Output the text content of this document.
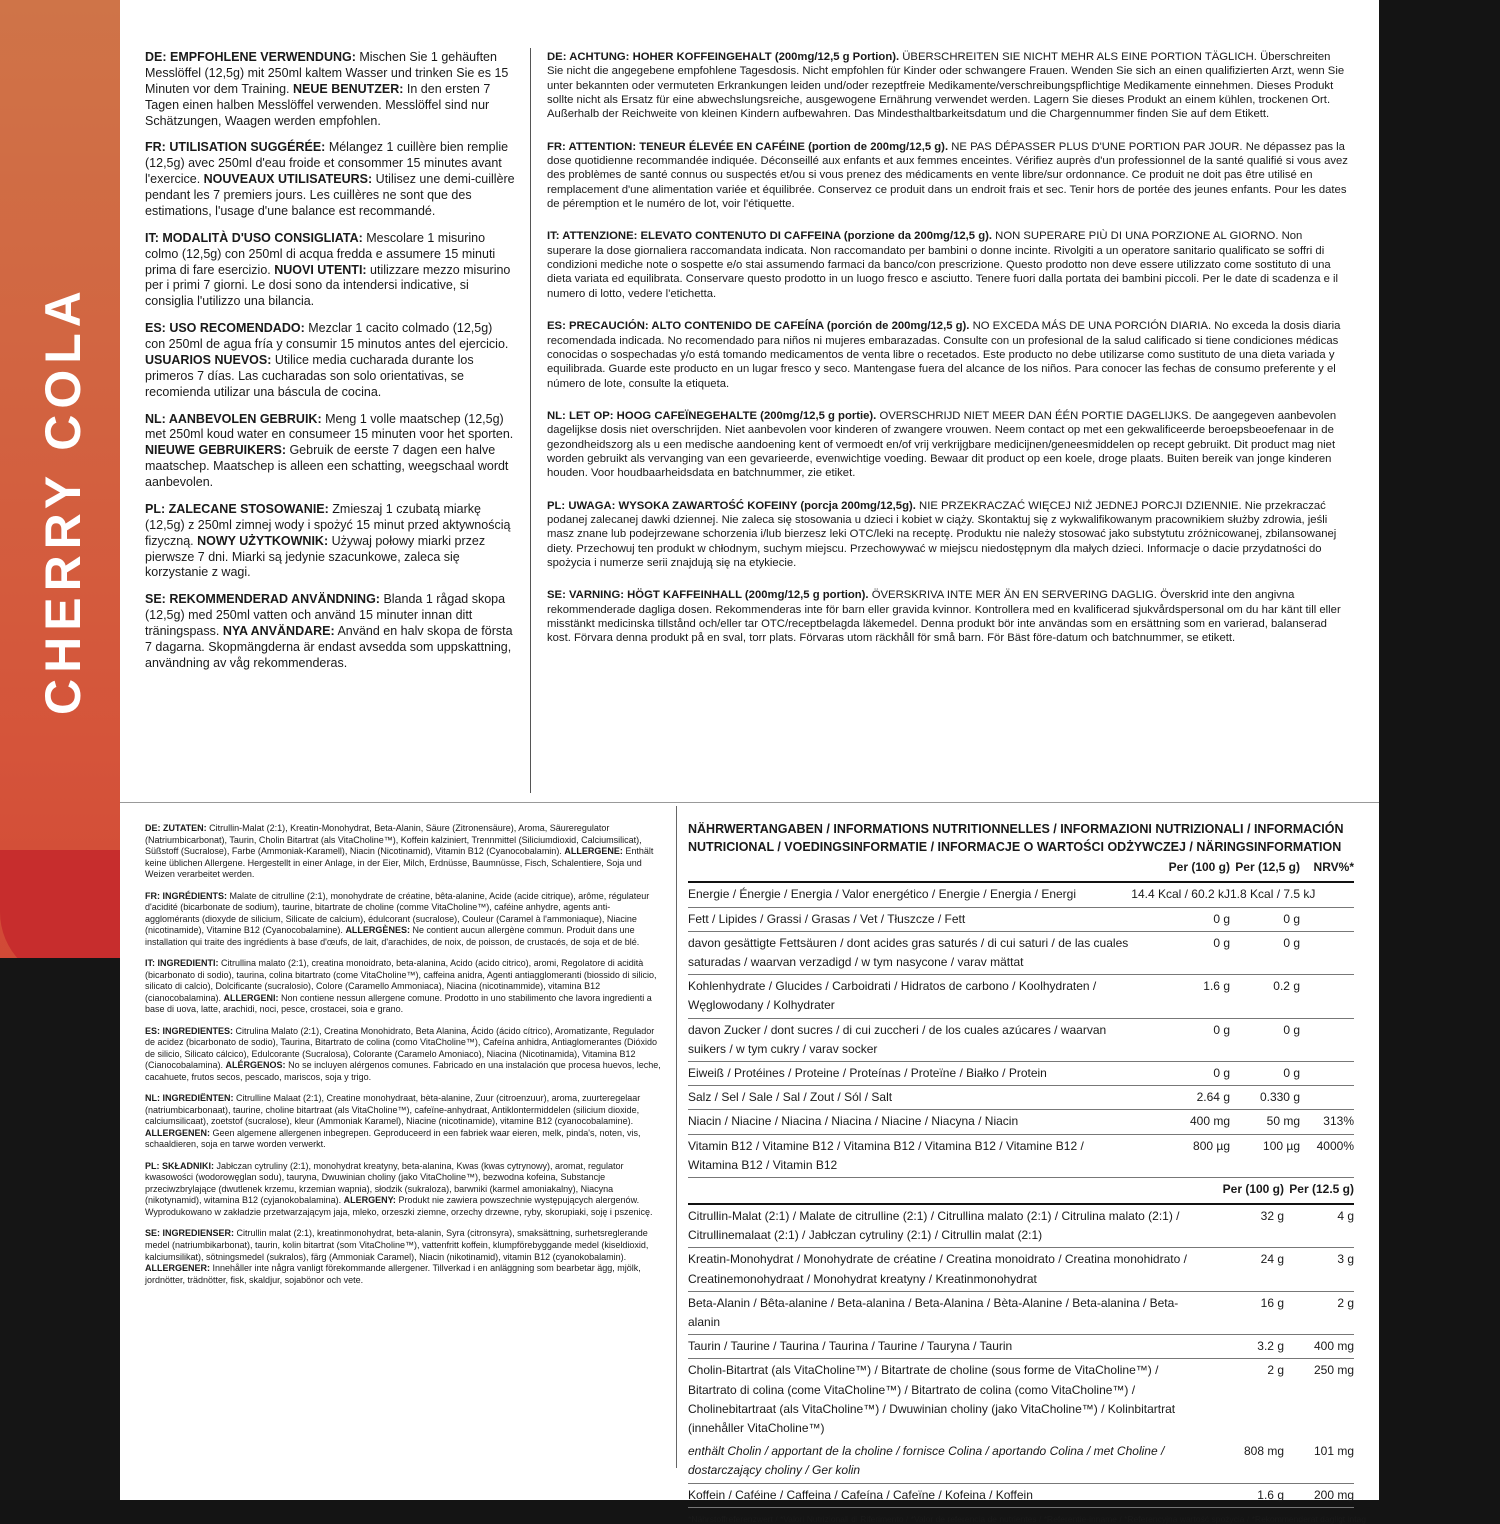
CHERRY COLA

DE: EMPFOHLENE VERWENDUNG: Mischen Sie 1 gehäuften Messlöffel (12,5g) mit 250ml kaltem Wasser und trinken Sie es 15 Minuten vor dem Training. NEUE BENUTZER: In den ersten 7 Tagen einen halben Messlöffel verwenden. Messlöffel sind nur Schätzungen, Waagen werden empfohlen.

FR: UTILISATION SUGGÉRÉE: Mélangez 1 cuillère bien remplie (12,5g) avec 250ml d'eau froide et consommer 15 minutes avant l'exercice. NOUVEAUX UTILISATEURS: Utilisez une demi-cuillère pendant les 7 premiers jours. Les cuillères ne sont que des estimations, l'usage d'une balance est recommandé.

IT: MODALITÀ D'USO CONSIGLIATA: Mescolare 1 misurino colmo (12,5g) con 250ml di acqua fredda e assumere 15 minuti prima di fare esercizio. NUOVI UTENTI: utilizzare mezzo misurino per i primi 7 giorni. Le dosi sono da intendersi indicative, si consiglia l'utilizzo una bilancia.

ES: USO RECOMENDADO: Mezclar 1 cacito colmado (12,5g) con 250ml de agua fría y consumir 15 minutos antes del ejercicio. USUARIOS NUEVOS: Utilice media cucharada durante los primeros 7 días. Las cucharadas son solo orientativas, se recomienda utilizar una báscula de cocina.

NL: AANBEVOLEN GEBRUIK: Meng 1 volle maatschep (12,5g) met 250ml koud water en consumeer 15 minuten voor het sporten. NIEUWE GEBRUIKERS: Gebruik de eerste 7 dagen een halve maatschep. Maatschep is alleen een schatting, weegschaal wordt aanbevolen.

PL: ZALECANE STOSOWANIE: Zmieszaj 1 czubatą miarkę (12,5g) z 250ml zimnej wody i spożyć 15 minut przed aktywnością fizyczną. NOWY UŻYTKOWNIK: Używaj połowy miarki przez pierwsze 7 dni. Miarki są jedynie szacunkowe, zaleca się korzystanie z wagi.

SE: REKOMMENDERAD ANVÄNDNING: Blanda 1 rågad skopa (12,5g) med 250ml vatten och använd 15 minuter innan ditt träningspass. NYA ANVÄNDARE: Använd en halv skopa de första 7 dagarna. Skopmängderna är endast avsedda som uppskattning, användning av våg rekommenderas.

DE: ACHTUNG: HOHER KOFFEINGEHALT (200mg/12,5 g Portion). ÜBERSCHREITEN SIE NICHT MEHR ALS EINE PORTION TÄGLICH. Überschreiten Sie nicht die angegebene empfohlene Tagesdosis. Nicht empfohlen für Kinder oder schwangere Frauen. Wenden Sie sich an einen qualifizierten Arzt, wenn Sie unter bekannten oder vermuteten Erkrankungen leiden und/oder rezeptfreie Medikamente/verschreibungspflichtige Medikamente einnehmen. Dieses Produkt sollte nicht als Ersatz für eine abwechslungsreiche, ausgewogene Ernährung verwendet werden. Lagern Sie dieses Produkt an einem kühlen, trockenen Ort. Außerhalb der Reichweite von kleinen Kindern aufbewahren. Das Mindesthaltbarkeitsdatum und die Chargennummer finden Sie auf dem Etikett.

FR: ATTENTION: TENEUR ÉLEVÉE EN CAFÉINE (portion de 200mg/12,5 g). NE PAS DÉPASSER PLUS D'UNE PORTION PAR JOUR. Ne dépassez pas la dose quotidienne recommandée indiquée. Déconseillé aux enfants et aux femmes enceintes. Vérifiez auprès d'un professionnel de la santé qualifié si vous avez des problèmes de santé connus ou suspectés et/ou si vous prenez des médicaments en vente libre/sur ordonnance. Ce produit ne doit pas être utilisé en remplacement d'une alimentation variée et équilibrée. Conservez ce produit dans un endroit frais et sec. Tenir hors de portée des jeunes enfants. Pour les dates de péremption et le numéro de lot, voir l'étiquette.

IT: ATTENZIONE: ELEVATO CONTENUTO DI CAFFEINA (porzione da 200mg/12,5 g). NON SUPERARE PIÙ DI UNA PORZIONE AL GIORNO. Non superare la dose giornaliera raccomandata indicata. Non raccomandato per bambini o donne incinte. Rivolgiti a un operatore sanitario qualificato se soffri di condizioni mediche note o sospette e/o stai assumendo farmaci da banco/con prescrizione. Questo prodotto non deve essere utilizzato come sostituto di una dieta variata ed equilibrata. Conservare questo prodotto in un luogo fresco e asciutto. Tenere fuori dalla portata dei bambini piccoli. Per le date di scadenza e il numero di lotto, vedere l'etichetta.

ES: PRECAUCIÓN: ALTO CONTENIDO DE CAFEÍNA (porción de 200mg/12,5 g). NO EXCEDA MÁS DE UNA PORCIÓN DIARIA. No exceda la dosis diaria recomendada indicada. No recomendado para niños ni mujeres embarazadas. Consulte con un profesional de la salud calificado si tiene condiciones médicas conocidas o sospechadas y/o está tomando medicamentos de venta libre o recetados. Este producto no debe utilizarse como sustituto de una dieta variada y equilibrada. Guarde este producto en un lugar fresco y seco. Mantengase fuera del alcance de los niños. Para conocer las fechas de consumo preferente y el número de lote, consulte la etiqueta.

NL: LET OP: HOOG CAFEÏNEGEHALTE (200mg/12,5 g portie). OVERSCHRIJD NIET MEER DAN ÉÉN PORTIE DAGELIJKS. De aangegeven aanbevolen dagelijkse dosis niet overschrijden. Niet aanbevolen voor kinderen of zwangere vrouwen. Neem contact op met een gekwalificeerde beroepsbeoefenaar in de gezondheidszorg als u een medische aandoening kent of vermoedt en/of vrij verkrijgbare medicijnen/geneesmiddelen op recept gebruikt. Dit product mag niet worden gebruikt als vervanging van een gevarieerde, evenwichtige voeding. Bewaar dit product op een koele, droge plaats. Buiten bereik van jonge kinderen houden. Voor houdbaarheidsdata en batchnummer, zie etiket.

PL: UWAGA: WYSOKA ZAWARTOŚĆ KOFEINY (porcja 200mg/12,5g). NIE PRZEKRACZAĆ WIĘCEJ NIŻ JEDNEJ PORCJI DZIENNIE. Nie przekraczać podanej zalecanej dawki dziennej. Nie zaleca się stosowania u dzieci i kobiet w ciąży. Skontaktuj się z wykwalifikowanym pracownikiem służby zdrowia, jeśli masz znane lub podejrzewane schorzenia i/lub bierzesz leki OTC/leki na receptę. Produktu nie należy stosować jako substytutu zróżnicowanej, zbilansowanej diety. Przechowuj ten produkt w chłodnym, suchym miejscu. Przechowywać w miejscu niedostępnym dla małych dzieci. Informacje o dacie przydatności do spożycia i numerze serii znajdują się na etykiecie.

SE: VARNING: HÖGT KAFFEINHALL (200mg/12,5 g portion). ÖVERSKRIVA INTE MER ÄN EN SERVERING DAGLIG. Överskrid inte den angivna rekommenderade dagliga dosen. Rekommenderas inte för barn eller gravida kvinnor. Kontrollera med en kvalificerad sjukvårdspersonal om du har känt till eller misstänkt medicinska tillstånd och/eller tar OTC/receptbelagda läkemedel. Denna produkt bör inte användas som en ersättning som en varierad, balanserad kost. Förvara denna produkt på en sval, torr plats. Förvaras utom räckhåll för små barn. För Bäst före-datum och batchnummer, se etikett.

DE: ZUTATEN: Citrullin-Malat (2:1), Kreatin-Monohydrat, Beta-Alanin, Säure (Zitronensäure), Aroma, Säureregulator (Natriumbicarbonat), Taurin, Cholin Bitartrat (als VitaCholine™), Koffein kalziniert, Trennmittel (Siliciumdioxid, Calciumsilicat), Süßstoff (Sucralose), Farbe (Ammoniak-Karamell), Niacin (Nicotinamid), Vitamin B12 (Cyanocobalamin). ALLERGENE: Enthält keine üblichen Allergene. Hergestellt in einer Anlage, in der Eier, Milch, Erdnüsse, Baumnüsse, Fisch, Schalentiere, Soja und Weizen verarbeitet werden.

FR: INGRÉDIENTS: Malate de citrulline (2:1), monohydrate de créatine, bêta-alanine, Acide (acide citrique), arôme, régulateur d'acidité (bicarbonate de sodium), taurine, bitartrate de choline (comme VitaCholine™), caféine anhydre, agents anti-agglomérants (dioxyde de silicium, Silicate de calcium), édulcorant (sucralose), Couleur (Caramel à l'ammoniaque), Niacine (nicotinamide), Vitamine B12 (Cyanocobalamine). ALLERGÈNES: Ne contient aucun allergène commun. Produit dans une installation qui traite des ingrédients à base d'œufs, de lait, d'arachides, de noix, de poisson, de crustacés, de soja et de blé.

IT: INGREDIENTI: Citrullina malato (2:1), creatina monoidrato, beta-alanina, Acido (acido citrico), aromi, Regolatore di acidità (bicarbonato di sodio), taurina, colina bitartrato (come VitaCholine™), caffeina anidra, Agenti antiagglomeranti (biossido di silicio, silicato di calcio), Dolcificante (sucralosio), Colore (Caramello Ammoniaca), Niacina (nicotinammide), vitamina B12 (cianocobalamina). ALLERGENI: Non contiene nessun allergene comune. Prodotto in uno stabilimento che lavora ingredienti a base di uova, latte, arachidi, noci, pesce, crostacei, soia e grano.

ES: INGREDIENTES: Citrulina Malato (2:1), Creatina Monohidrato, Beta Alanina, Ácido (ácido cítrico), Aromatizante, Regulador de acidez (bicarbonato de sodio), Taurina, Bitartrato de colina (como VitaCholine™), Cafeína anhidra, Antiaglomerantes (Dióxido de silicio, Silicato cálcico), Edulcorante (Sucralosa), Colorante (Caramelo Amoniaco), Niacina (Nicotinamida), Vitamina B12 (Cianocobalamina). ALÉRGENOS: No se incluyen alérgenos comunes. Fabricado en una instalación que procesa huevos, leche, cacahuete, frutos secos, pescado, mariscos, soja y trigo.

NL: INGREDIËNTEN: Citrulline Malaat (2:1), Creatine monohydraat, bèta-alanine, Zuur (citroenzuur), aroma, zuurteregelaar (natriumbicarbonaat), taurine, choline bitartraat (als VitaCholine™), cafeïne-anhydraat, Antiklontermiddelen (silicium dioxide, calciumsilicaat), zoetstof (sucralose), kleur (Ammoniak Karamel), Niacine (nicotinamide), vitamine B12 (cyanocobalamine). ALLERGENEN: Geen algemene allergenen inbegrepen. Geproduceerd in een fabriek waar eieren, melk, pinda's, noten, vis, schaaldieren, soja en tarwe worden verwerkt.

PL: SKŁADNIKI: Jabłczan cytruliny (2:1), monohydrat kreatyny, beta-alanina, Kwas (kwas cytrynowy), aromat, regulator kwasowości (wodorowęglan sodu), tauryna, Dwuwinian choliny (jako VitaCholine™), bezwodna kofeina, Substancje przeciwzbrylające (dwutlenek krzemu, krzemian wapnia), słodzik (sukraloza), barwniki (karmel amoniakalny), Niacyna (nikotynamid), witamina B12 (cyjanokobalamina). ALERGENY: Produkt nie zawiera powszechnie występujących alergenów. Wyprodukowano w zakładzie przetwarzającym jaja, mleko, orzeszki ziemne, orzechy drzewne, ryby, skorupiaki, soję i pszenicę.

SE: INGREDIENSER: Citrullin malat (2:1), kreatinmonohydrat, beta-alanin, Syra (citronsyra), smaksättning, surhetsreglerande medel (natriumbikarbonat), taurin, kolin bitartrat (som VitaCholine™), vattenfritt koffein, klumpförebyggande medel (kiseldioxid, kalciumsilikat), sötningsmedel (sukralos), färg (Ammoniak Caramel), Niacin (nikotinamid), vitamin B12 (cyanokobalamin). ALLERGENER: Innehåller inte några vanligt förekommande allergener. Tillverkad i en anläggning som bearbetar ägg, mjölk, jordnötter, trädnötter, fisk, skaldjur, sojabönor och vete.

NÄHRWERTANGABEN / INFORMATIONS NUTRITIONNELLES / INFORMAZIONI NUTRIZIONALI / INFORMACIÓN NUTRICIONAL / VOEDINGSINFORMATIE / INFORMACJE O WARTOŚCI ODŻYWCZEJ / NÄRINGSINFORMATION
	Per (100 g)	Per (12,5 g)	NRV%*
Energie / Énergie / Energia / Valor energético / Energie / Energia / Energi	14.4 Kcal / 60.2 kJ	1.8 Kcal / 7.5 kJ	
Fett / Lipides / Grassi / Grasas / Vet / Tłuszcze / Fett	0 g	0 g	
davon gesättigte Fettsäuren / dont acides gras saturés / di cui saturi / de las cuales saturadas / waarvan verzadigd / w tym nasycone / varav mättat	0 g	0 g	
Kohlenhydrate / Glucides / Carboidrati / Hidratos de carbono / Koolhydraten / Węglowodany / Kolhydrater	1.6 g	0.2 g	
davon Zucker / dont sucres / di cui zuccheri / de los cuales azúcares / waarvan suikers / w tym cukry / varav socker	0 g	0 g	
Eiweiß / Protéines / Proteine / Proteínas / Proteïne / Białko / Protein	0 g	0 g	
Salz / Sel / Sale / Sal / Zout / Sól / Salt	2.64 g	0.330 g	
Niacin / Niacine / Niacina / Niacina / Niacine / Niacyna / Niacin	400 mg	50 mg	313%
Vitamin B12 / Vitamine B12 / Vitamina B12 / Vitamina B12 / Vitamine B12 / Witamina B12 / Vitamin B12	800 µg	100 µg	4000%
	Per (100 g)	Per (12.5 g)
Citrullin-Malat (2:1) / Malate de citrulline (2:1) / Citrullina malato (2:1) / Citrulina malato (2:1) / Citrullinemalaat (2:1) / Jabłczan cytruliny (2:1) / Citrullin malat (2:1)	32 g	4 g
Kreatin-Monohydrat / Monohydrate de créatine / Creatina monoidrato / Creatina monohidrato / Creatinemonohydraat / Monohydrat kreatyny / Kreatinmonohydrat	24 g	3 g
Beta-Alanin / Bêta-alanine / Beta-alanina / Beta-Alanina / Bèta-Alanine / Beta-alanina / Beta-alanin	16 g	2 g
Taurin / Taurine / Taurina / Taurina / Taurine / Tauryna / Taurin	3.2 g	400 mg
Cholin-Bitartrat (als VitaCholine™) / Bitartrate de choline (sous forme de VitaCholine™) / Bitartrato di colina (come VitaCholine™) / Bitartrato de colina (como VitaCholine™) / Cholinebitartraat (als VitaCholine™) / Dwuwinian choliny (jako VitaCholine™) / Kolinbitartrat (innehåller VitaCholine™)	2 g	250 mg
enthält Cholin / apportant de la choline / fornisce Colina / aportando Colina / met Choline / dostarczający choliny / Ger kolin	808 mg	101 mg
Koffein / Caféine / Caffeina / Cafeína / Cafeïne / Kofeina / Koffein	1.6 g	200 mg
*Nährstoffreferenzwert / *Valori Nutrizionali di Riferimento / *Valor de referencia de nutrientes / *Referentie-inname / *Referencyjna wartość spożycia / *Rekommenderat dagligt intag
